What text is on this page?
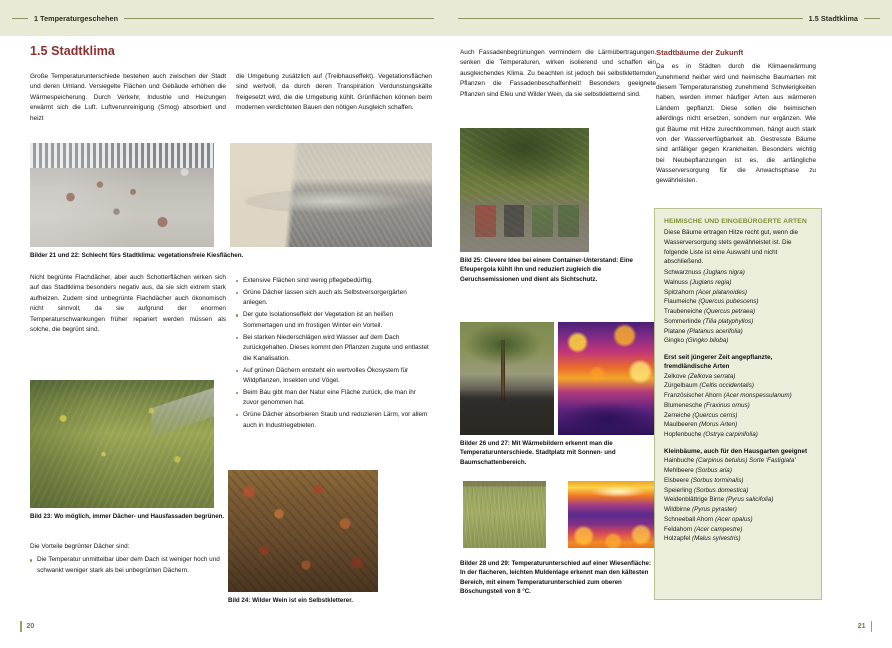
1 Temperaturgeschehen
1.5 Stadtklima

Große Temperaturunterschiede bestehen auch zwischen der Stadt und deren Umland. Versiegelte Flächen und Gebäude erhöhen die Wärmespeicherung. Durch Verkehr, Industrie und Heizungen erwärmt sich die Luft. Luftverunreinigung (Smog) absorbiert und heizt

die Umgebung zusätzlich auf (Treibhauseffekt). Vegetationsflächen sind wertvoll, da durch deren Transpiration Verdunstungskälte freigesetzt wird, die die Umgebung kühlt. Grünflächen können beim modernen verdichteten Bauen den nötigen Ausgleich schaffen.

Bilder 21 und 22: Schlecht fürs Stadtklima: vegetationsfreie Kiesflächen.

Nicht begrünte Flachdächer, aber auch Schotterflächen wirken sich auf das Stadtklima besonders negativ aus, da sie sich extrem stark aufheizen. Zudem sind unbegrünte Flachdächer auch ökonomisch nicht sinnvoll, da sie aufgrund der enormen Temperaturschwankungen früher repariert werden müssen als solche, die begrünt sind.

Extensive Flächen sind wenig pflegebedürftig.
Grüne Dächer lassen sich auch als Selbstversorgergärten anlegen.
Der gute Isolationseffekt der Vegetation ist an heißen Sommertagen und im frostigen Winter ein Vorteil.
Bei starken Niederschlägen wird Wasser auf dem Dach zurückgehalten. Dieses kommt den Pflanzen zugute und entlastet die Kanalisation.
Auf grünen Dächern entsteht ein wertvolles Ökosystem für Wildpflanzen, Insekten und Vögel.
Beim Bau gibt man der Natur eine Fläche zurück, die man ihr zuvor genommen hat.
Grüne Dächer absorbieren Staub und reduzieren Lärm, vor allem auch in Industriegebieten.
Bild 23: Wo möglich, immer Dächer- und Hausfassaden begrünen.

Die Vorteile begrünter Dächer sind:

Die Temperatur unmittelbar über dem Dach ist weniger hoch und schwankt weniger stark als bei unbegrünten Dächern.
Bild 24: Wilder Wein ist ein Selbstkletterer.
20
1.5 Stadtklima

Auch Fassadenbegrünungen vermindern die Lärmübertragungen, senken die Temperaturen, wirken isolierend und schaffen ein ausgleichendes Klima. Zu beachten ist jedoch bei selbstkletternden Pflanzen die Fassadenbeschaffenheit! Besonders geeignete Pflanzen sind Efeu und Wilder Wein, da sie selbstkletternd sind.

Bild 25: Clevere Idee bei einem Container-Unterstand: Eine Efeupergola kühlt ihn und reduziert zugleich die Geruchsemissionen und dient als Sichtschutz.
Bilder 26 und 27: Mit Wärmebildern erkennt man die Temperaturunterschiede. Stadtplatz mit Sonnen- und Baumschattenbereich.
Bilder 28 und 29: Temperaturunterschied auf einer Wiesenfläche: In der flacheren, leichten Muldenlage erkennt man den kältesten Bereich, mit einem Temperaturunterschied zum oberen Böschungsteil von 8 °C.
Stadtbäume der Zukunft

Da es in Städten durch die Klimaerwärmung zunehmend heißer wird und heimische Baumarten mit diesem Temperaturanstieg zunehmend Schwierigkeiten haben, werden immer häufiger Arten aus wärmeren Ländern gepflanzt. Diese sollen die heimischen allerdings nicht ersetzen, sondern nur ergänzen. Wie gut Bäume mit Hitze zurechtkommen, hängt auch stark von der Wasserverfügbarkeit ab. Gestresste Bäume sind anfälliger gegen Krankheiten. Besonders wichtig bei Neubepflanzungen ist es, die anfängliche Wasserversorgung für die Anwachsphase zu gewährleisten.

HEIMISCHE UND EINGEBÜRGERTE ARTEN

Diese Bäume ertragen Hitze recht gut, wenn die Wasserversorgung stets gewährleistet ist. Die folgende Liste ist eine Auswahl und nicht abschließend.

Schwarznuss (Juglans nigra)
Walnuss (Juglans regia)
Spitzahorn (Acer platanoides)
Flaumeiche (Quercus pubescens)
Traubeneiche (Quercus petraea)
Sommerlinde (Tilia platyphyllos)
Platane (Platanus acerifolia)
Gingko (Gingko biloba)
Erst seit jüngerer Zeit angepflanzte, fremdländische Arten
Zelkove (Zelkova serrata)
Zürgelbaum (Celtis occidentalis)
Französischer Ahorn (Acer monspessulanum)
Blumenesche (Fraxinus ornus)
Zerreiche (Quercus cerris)
Maulbeeren (Morus Arten)
Hopfenbuche (Ostrya carpinifolia)
Kleinbäume, auch für den Hausgarten geeignet
Hainbuche (Carpinus betulus) Sorte 'Fastigiata'
Mehlbeere (Sorbus aria)
Elsbeere (Sorbus torminalis)
Speierling (Sorbus domestica)
Weidenblättrige Birne (Pyrus salicifolia)
Wildbirne (Pyrus pyraster)
Schneeball Ahorn (Acer opalus)
Feldahorn (Acer campestre)
Holzapfel (Malus sylvestris)
21
